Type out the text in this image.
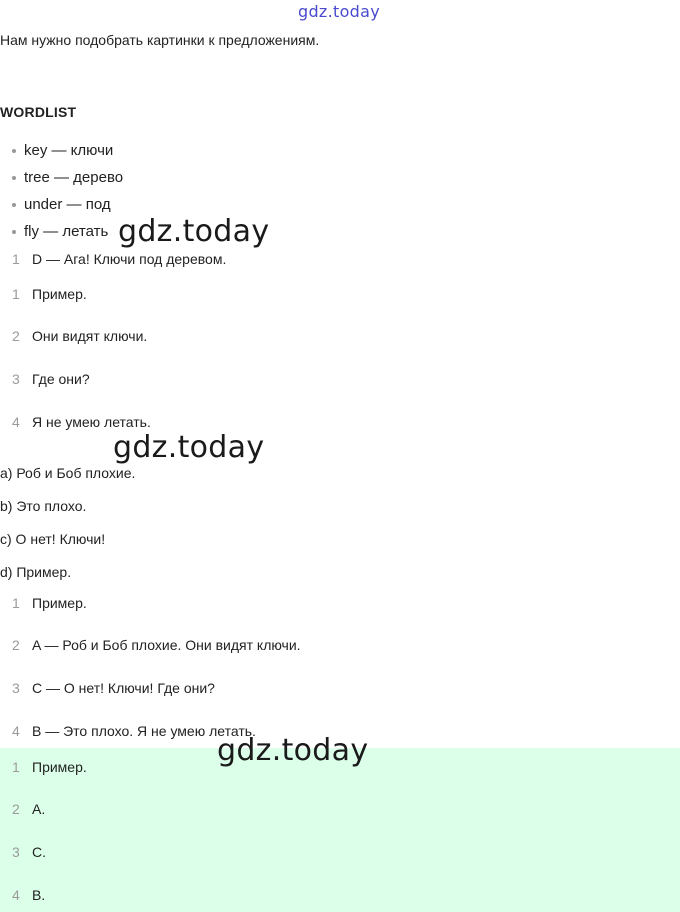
gdz.today
Нам нужно подобрать картинки к предложениям.
WORDLIST
key — ключи
tree — дерево
under — под
fly — летать gdz.today
1 D — Ага! Ключи под деревом.
1 Пример.
2 Они видят ключи.
3 Где они?
4 Я не умею летать.
gdz.today
a) Роб и Боб плохие.
b) Это плохо.
c) О нет! Ключи!
d) Пример.
1 Пример.
2 A — Роб и Боб плохие. Они видят ключи.
3 C — О нет! Ключи! Где они?
4 B — Это плохо. Я не умею летать.
gdz.today
1 Пример.
2 A.
3 C.
4 B.
